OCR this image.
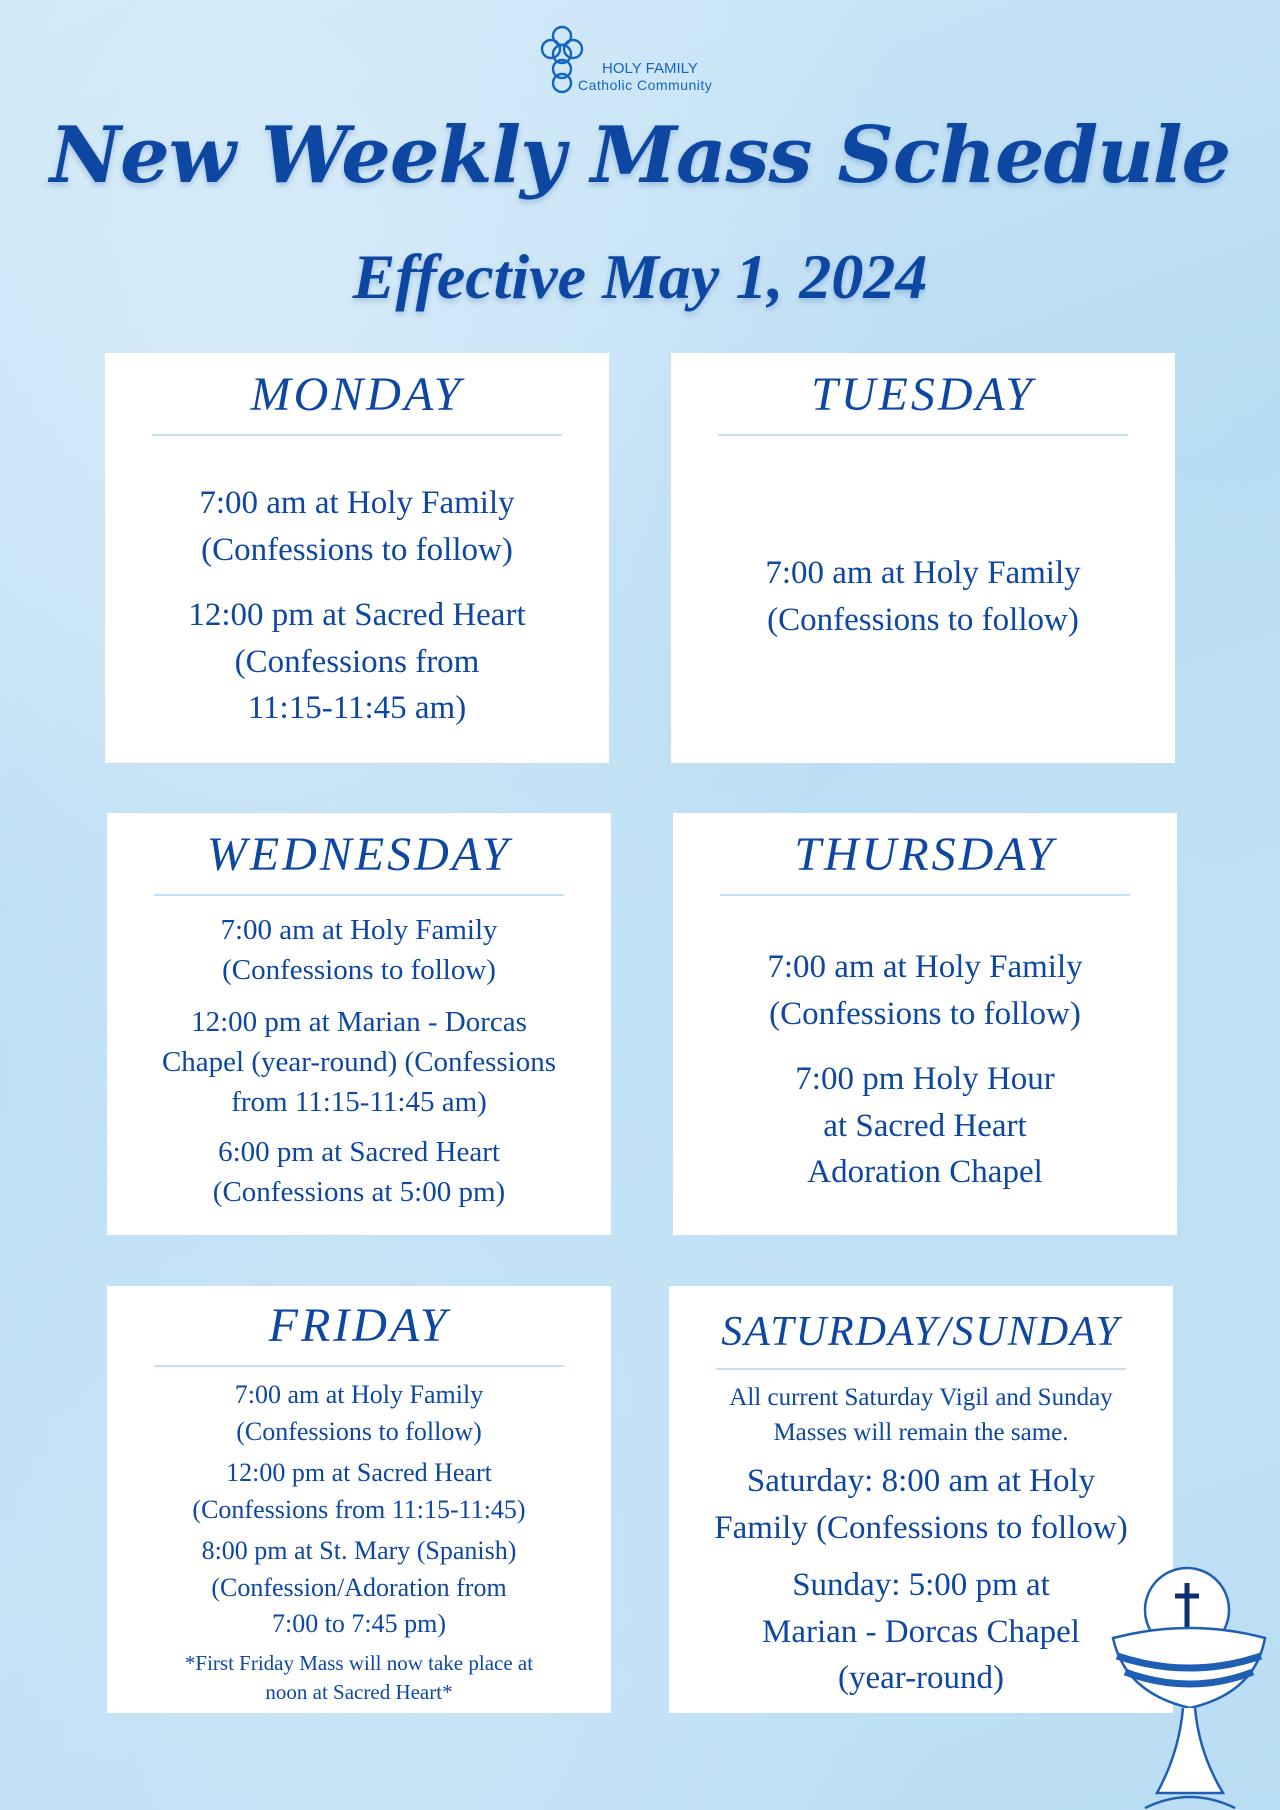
HOLY FAMILY
Catholic Community
New Weekly Mass Schedule
Effective May 1, 2024
MONDAY
7:00 am at Holy Family
(Confessions to follow)
12:00 pm at Sacred Heart
(Confessions from
11:15-11:45 am)
TUESDAY
7:00 am at Holy Family
(Confessions to follow)
WEDNESDAY
7:00 am at Holy Family
(Confessions to follow)
12:00 pm at Marian - Dorcas
Chapel (year-round) (Confessions
from 11:15-11:45 am)
6:00 pm at Sacred Heart
(Confessions at 5:00 pm)
THURSDAY
7:00 am at Holy Family
(Confessions to follow)
7:00 pm Holy Hour
at Sacred Heart
Adoration Chapel
FRIDAY
7:00 am at Holy Family
(Confessions to follow)
12:00 pm at Sacred Heart
(Confessions from 11:15-11:45)
8:00 pm at St. Mary (Spanish)
(Confession/Adoration from
7:00 to 7:45 pm)
*First Friday Mass will now take place at
noon at Sacred Heart*
SATURDAY/SUNDAY
All current Saturday Vigil and Sunday
Masses will remain the same.
Saturday: 8:00 am at Holy
Family (Confessions to follow)
Sunday: 5:00 pm at
Marian - Dorcas Chapel
(year-round)
